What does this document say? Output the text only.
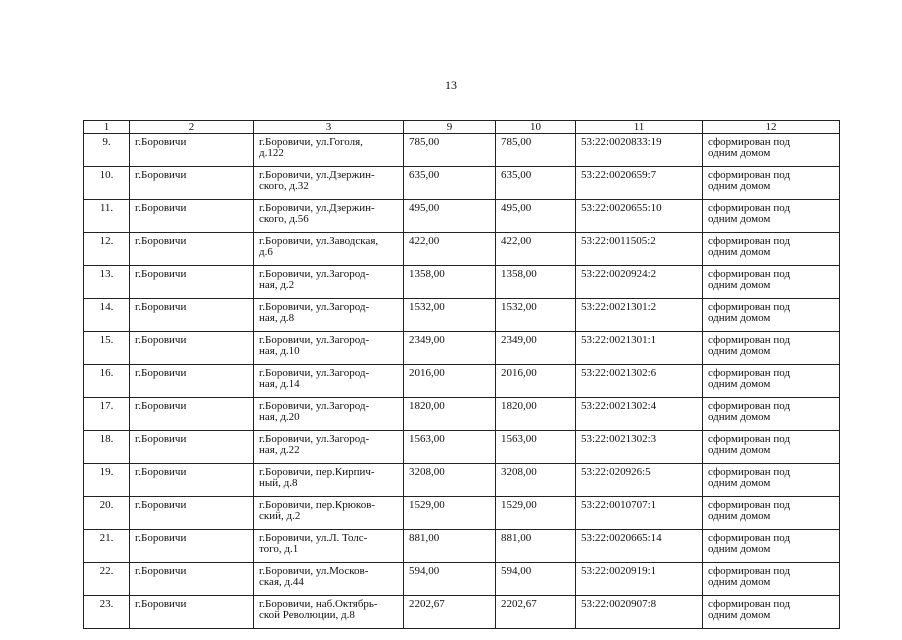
13
1	2	3	9	10	11	12
9.	г.Боровичи	г.Боровичи, ул.Гоголя,
д.122	785,00	785,00	53:22:0020833:19	сформирован под
одним домом
10.	г.Боровичи	г.Боровичи, ул.Дзержин-
ского, д.32	635,00	635,00	53:22:0020659:7	сформирован под
одним домом
11.	г.Боровичи	г.Боровичи, ул.Дзержин-
ского, д.56	495,00	495,00	53:22:0020655:10	сформирован под
одним домом
12.	г.Боровичи	г.Боровичи, ул.Заводская,
д.6	422,00	422,00	53:22:0011505:2	сформирован под
одним домом
13.	г.Боровичи	г.Боровичи, ул.Загород-
ная, д.2	1358,00	1358,00	53:22:0020924:2	сформирован под
одним домом
14.	г.Боровичи	г.Боровичи, ул.Загород-
ная, д.8	1532,00	1532,00	53:22:0021301:2	сформирован под
одним домом
15.	г.Боровичи	г.Боровичи, ул.Загород-
ная, д.10	2349,00	2349,00	53:22:0021301:1	сформирован под
одним домом
16.	г.Боровичи	г.Боровичи, ул.Загород-
ная, д.14	2016,00	2016,00	53:22:0021302:6	сформирован под
одним домом
17.	г.Боровичи	г.Боровичи, ул.Загород-
ная, д.20	1820,00	1820,00	53:22:0021302:4	сформирован под
одним домом
18.	г.Боровичи	г.Боровичи, ул.Загород-
ная, д.22	1563,00	1563,00	53:22:0021302:3	сформирован под
одним домом
19.	г.Боровичи	г.Боровичи, пер.Кирпич-
ный, д.8	3208,00	3208,00	53:22:020926:5	сформирован под
одним домом
20.	г.Боровичи	г.Боровичи, пер.Крюков-
ский, д.2	1529,00	1529,00	53:22:0010707:1	сформирован под
одним домом
21.	г.Боровичи	г.Боровичи, ул.Л. Толс-
того, д.1	881,00	881,00	53:22:0020665:14	сформирован под
одним домом
22.	г.Боровичи	г.Боровичи, ул.Москов-
ская, д.44	594,00	594,00	53:22:0020919:1	сформирован под
одним домом
23.	г.Боровичи	г.Боровичи, наб.Октябрь-
ской Революции, д.8	2202,67	2202,67	53:22:0020907:8	сформирован под
одним домом
